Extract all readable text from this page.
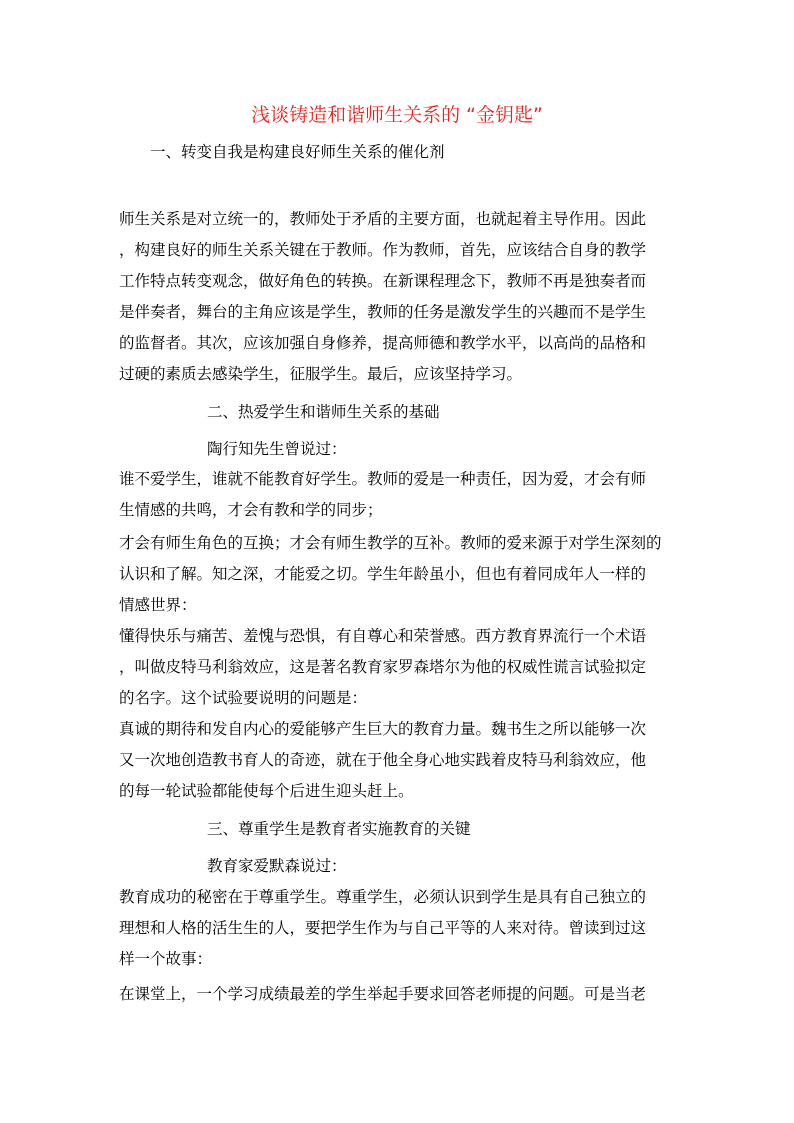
浅谈铸造和谐师生关系的 “金钥匙”
一、转变自我是构建良好师生关系的催化剂
师生关系是对立统一的，教师处于矛盾的主要方面，也就起着主导作用。因此
，构建良好的师生关系关键在于教师。作为教师，首先，应该结合自身的教学
工作特点转变观念，做好角色的转换。在新课程理念下，教师不再是独奏者而
是伴奏者，舞台的主角应该是学生，教师的任务是激发学生的兴趣而不是学生
的监督者。其次，应该加强自身修养，提高师德和教学水平，以高尚的品格和
过硬的素质去感染学生，征服学生。最后，应该坚持学习。
二、热爱学生和谐师生关系的基础
陶行知先生曾说过：
谁不爱学生，谁就不能教育好学生。教师的爱是一种责任，因为爱，才会有师
生情感的共鸣，才会有教和学的同步；
才会有师生角色的互换；才会有师生教学的互补。教师的爱来源于对学生深刻的
认识和了解。知之深，才能爱之切。学生年龄虽小，但也有着同成年人一样的
情感世界：
懂得快乐与痛苦、羞愧与恐惧，有自尊心和荣誉感。西方教育界流行一个术语
，叫做皮特马利翁效应，这是著名教育家罗森塔尔为他的权威性谎言试验拟定
的名字。这个试验要说明的问题是：
真诚的期待和发自内心的爱能够产生巨大的教育力量。魏书生之所以能够一次
又一次地创造教书育人的奇迹，就在于他全身心地实践着皮特马利翁效应，他
的每一轮试验都能使每个后进生迎头赶上。
三、尊重学生是教育者实施教育的关键
教育家爱默森说过：
教育成功的秘密在于尊重学生。尊重学生，必须认识到学生是具有自己独立的
理想和人格的活生生的人，要把学生作为与自己平等的人来对待。曾读到过这
样一个故事：
在课堂上，一个学习成绩最差的学生举起手要求回答老师提的问题。可是当老
